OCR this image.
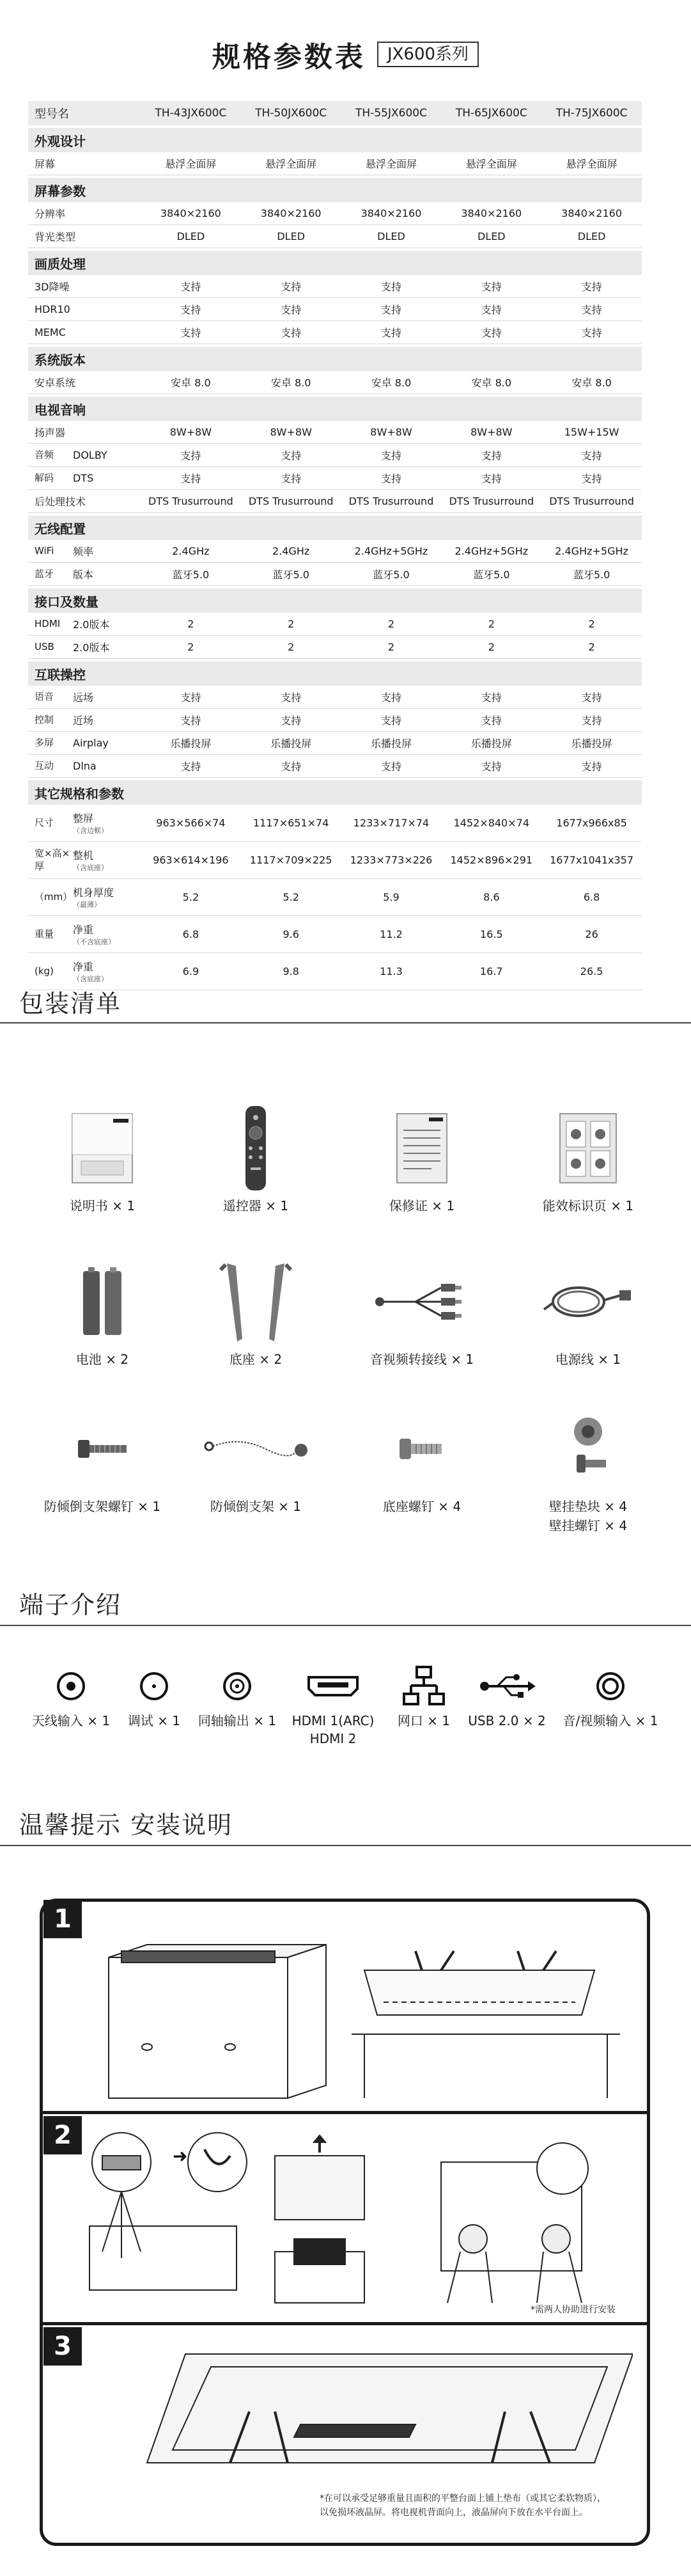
规格参数表	JX600系列
型号名	TH-43JX600C	TH-50JX600C	TH-55JX600C	TH-65JX600C	TH-75JX600C
外观设计
屏幕	悬浮全面屏	悬浮全面屏	悬浮全面屏	悬浮全面屏	悬浮全面屏
屏幕参数
分辨率	3840×2160	3840×2160	3840×2160	3840×2160	3840×2160
背光类型	DLED	DLED	DLED	DLED	DLED
画质处理
3D降噪	支持	支持	支持	支持	支持
HDR10	支持	支持	支持	支持	支持
MEMC	支持	支持	支持	支持	支持
系统版本
安卓系统	安卓 8.0	安卓 8.0	安卓 8.0	安卓 8.0	安卓 8.0
电视音响
扬声器	8W+8W	8W+8W	8W+8W	8W+8W	15W+15W
音频	DOLBY	支持	支持	支持	支持	支持
解码	DTS	支持	支持	支持	支持	支持
后处理技术	DTS Trusurround	DTS Trusurround	DTS Trusurround	DTS Trusurround	DTS Trusurround
无线配置
WiFi	频率	2.4GHz	2.4GHz	2.4GHz+5GHz	2.4GHz+5GHz	2.4GHz+5GHz
蓝牙	版本	蓝牙5.0	蓝牙5.0	蓝牙5.0	蓝牙5.0	蓝牙5.0
接口及数量
HDMI	2.0版本	2	2	2	2	2
USB	2.0版本	2	2	2	2	2
互联操控
语音	远场	支持	支持	支持	支持	支持
控制	近场	支持	支持	支持	支持	支持
多屏	Airplay	乐播投屏	乐播投屏	乐播投屏	乐播投屏	乐播投屏
互动	Dlna	支持	支持	支持	支持	支持
其它规格和参数
尺寸	整屏
（含边框）
963×566×74	1117×651×74	1233×717×74	1452×840×74	1677x966x85
宽×高×厚
整机
（含底座）
963×614×196	1117×709×225	1233×773×226	1452×896×291	1677x1041x357
（mm） 机身厚度
（最薄）
5.2	5.2	5.9	8.6	6.8
重量	净重
（不含底座）
6.8	9.6	11.2	16.5	26
(kg)	净重
（含底座）
6.9	9.8	11.3	16.7	26.5
包装清单
说明书 × 1	遥控器 × 1	保修证 × 1	能效标识页 × 1
电池 × 2	底座 × 2	音视频转接线 × 1	电源线 × 1
防倾倒支架螺钉 × 1	防倾倒支架 × 1	底座螺钉 × 4	壁挂垫块 × 4
壁挂螺钉 × 4
端子介绍
天线输入 × 1	调试 × 1	同轴输出 × 1	HDMI 1(ARC)
HDMI 2
网口 × 1	USB 2.0 × 2	音/视频输入 × 1
温馨提示 安装说明
1
2
3
➜
*需两人协助进行安装
*在可以承受足够重量且面积的平整台面上铺上垫布（或其它柔软物质），
以免损坏液晶屏。将电视机背面向上，液晶屏向下放在水平台面上。
